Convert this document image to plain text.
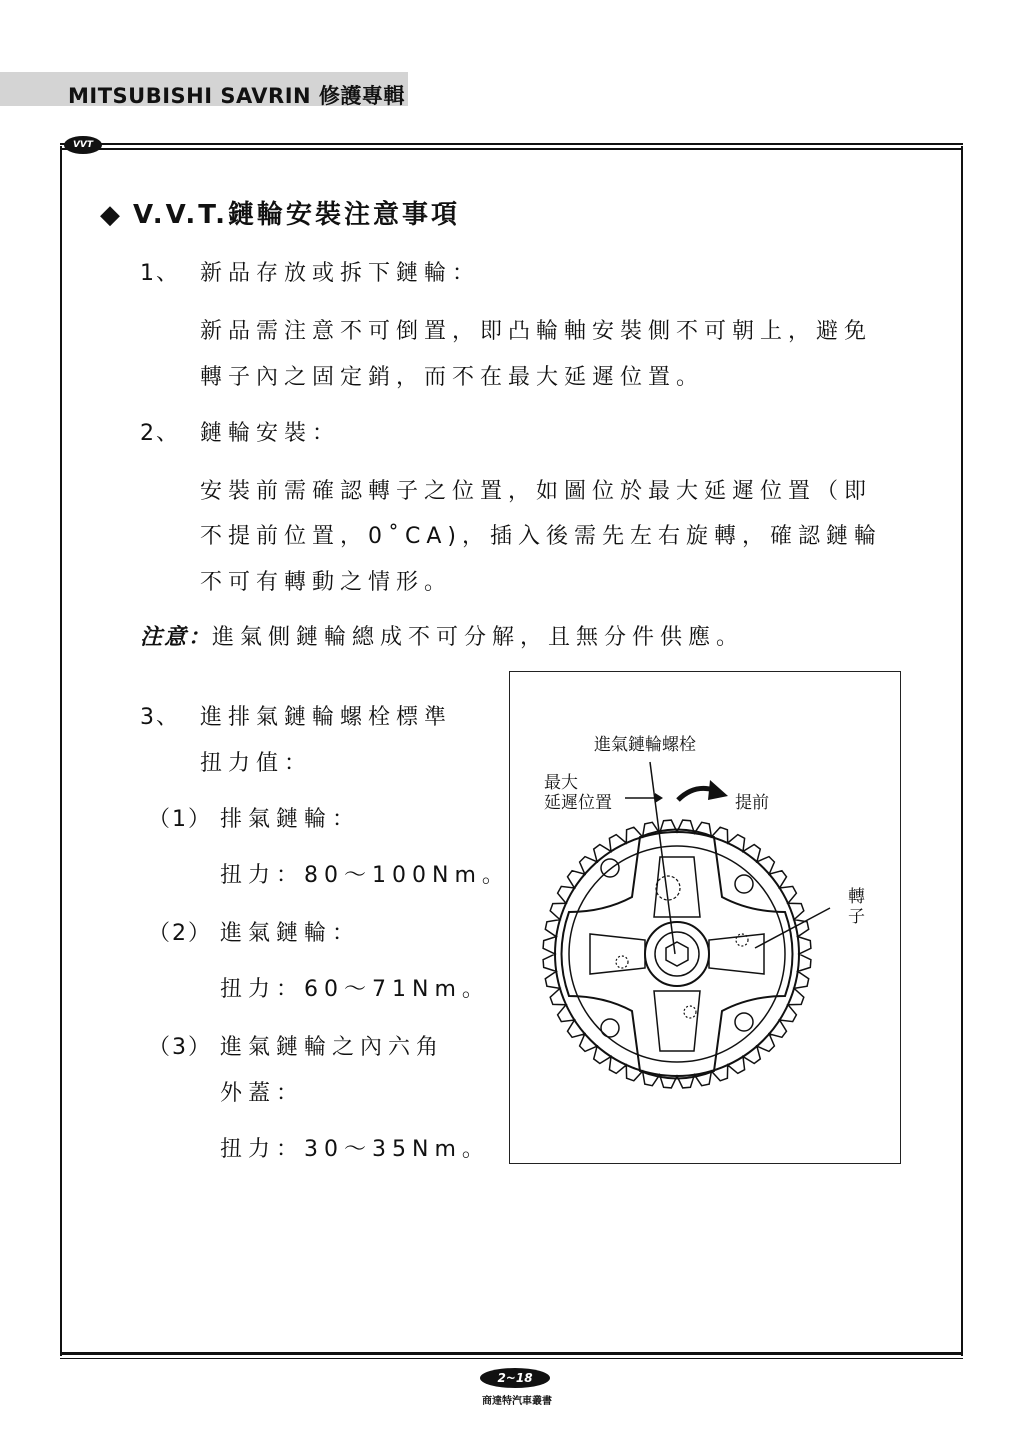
MITSUBISHI SAVRIN 修護專輯
VVT
◆ V.V.T.鏈輪安裝注意事項
1、 新品存放或拆下鏈輪：
新品需注意不可倒置，即凸輪軸安裝側不可朝上，避免
轉子內之固定銷，而不在最大延遲位置。
2、 鏈輪安裝：
安裝前需確認轉子之位置，如圖位於最大延遲位置（即
不提前位置，0˚CA)，插入後需先左右旋轉，確認鏈輪
不可有轉動之情形。
注意：進氣側鏈輪總成不可分解，且無分件供應。
3、 進排氣鏈輪螺栓標準
扭力值：
（1） 排氣鏈輪：
扭力：80～100Nm。
（2） 進氣鏈輪：
扭力：60～71Nm。
（3） 進氣鏈輪之內六角
外蓋：
扭力：30～35Nm。
進氣鏈輪螺栓
最大
延遲位置	提前
轉
子
2~18
商達特汽車叢書
